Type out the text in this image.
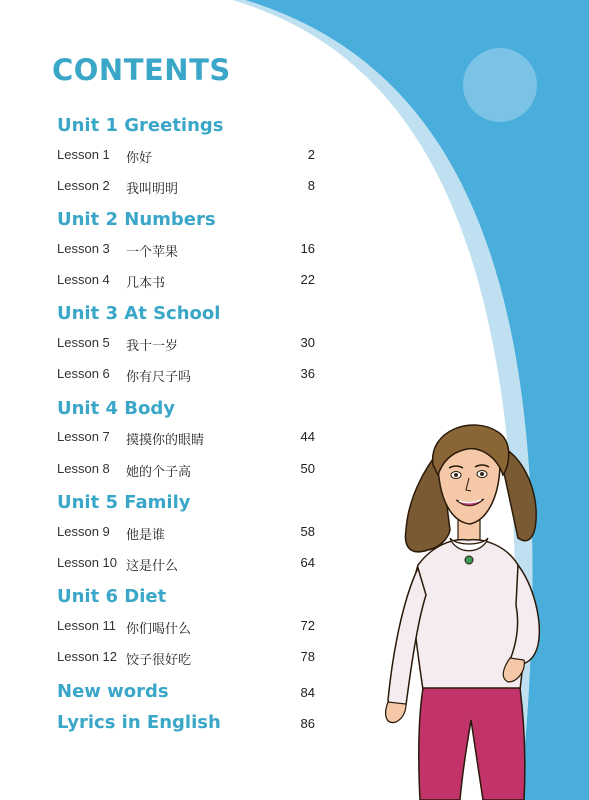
CONTENTS
Unit 1 Greetings
Lesson 1 你好	2
Lesson 2 我叫明明	8
Unit 2 Numbers
Lesson 3 一个苹果	16
Lesson 4 几本书	22
Unit 3 At School
Lesson 5 我十一岁	30
Lesson 6 你有尺子吗	36
Unit 4 Body
Lesson 7 摸摸你的眼睛	44
Lesson 8 她的个子高	50
Unit 5 Family
Lesson 9 他是谁	58
Lesson 10 这是什么	64
Unit 6 Diet
Lesson 11 你们喝什么	72
Lesson 12 饺子很好吃	78
New words	84
Lyrics in English	86
